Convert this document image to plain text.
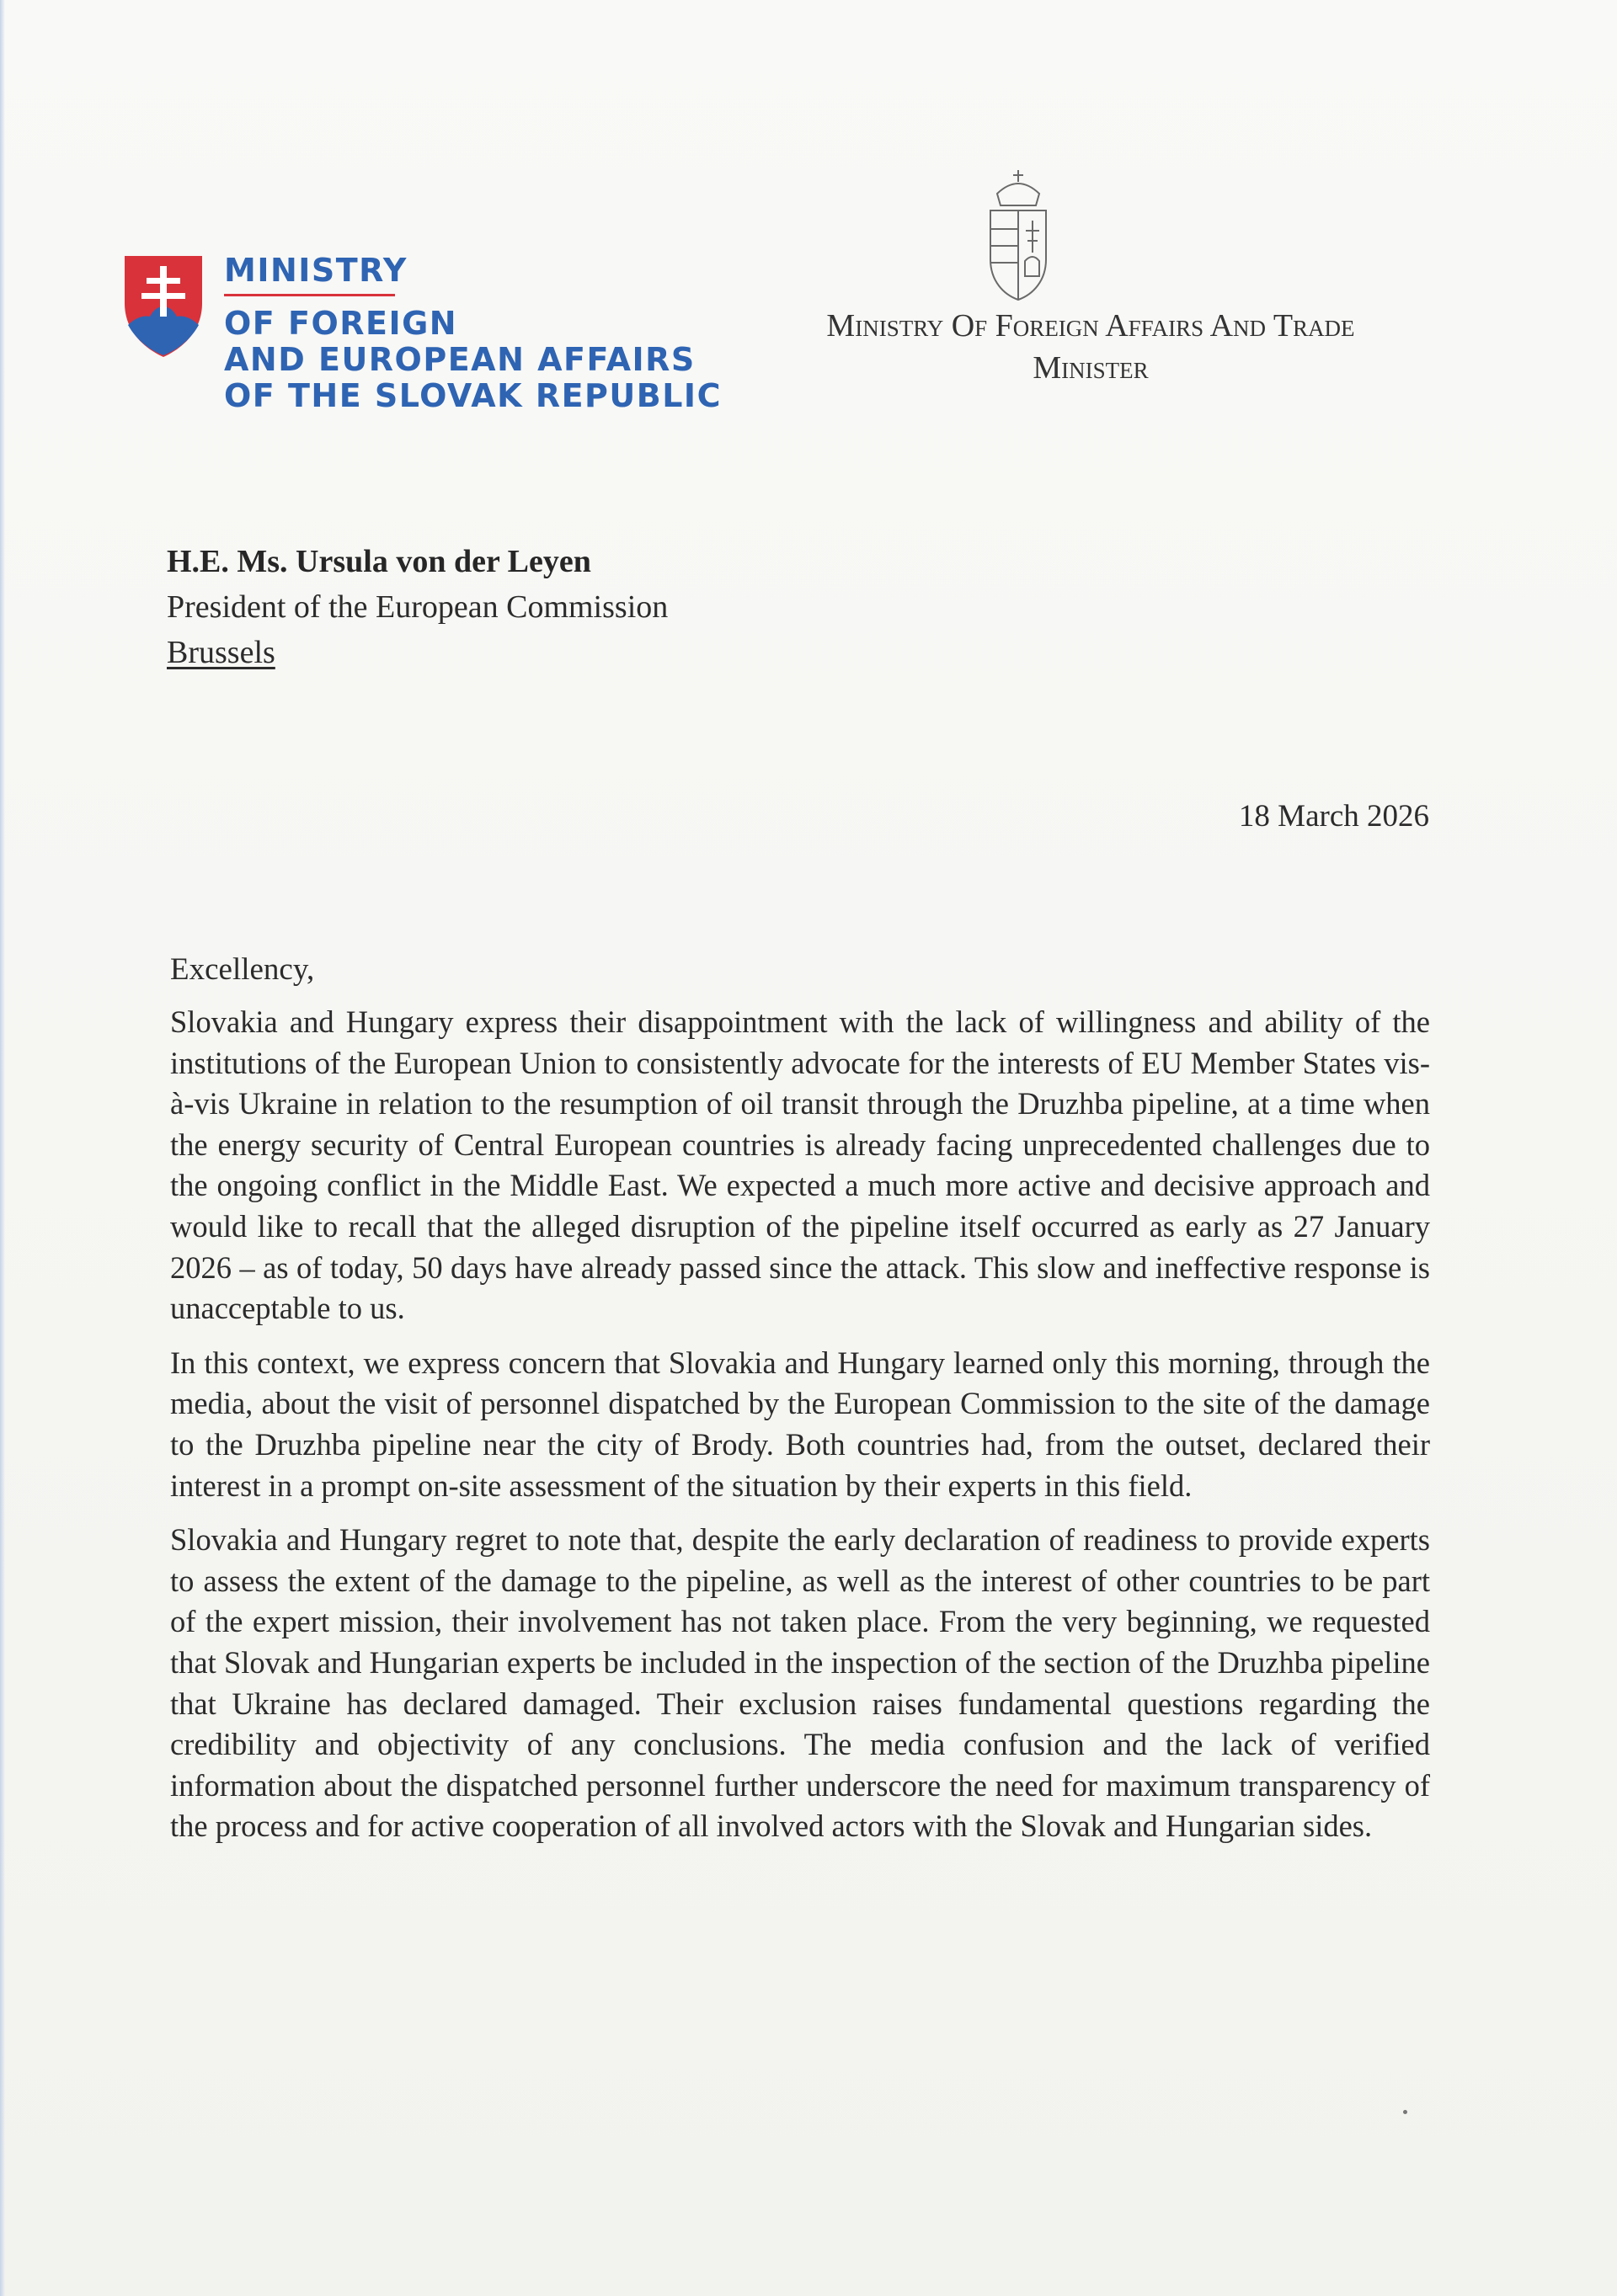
MINISTRY
OF FOREIGN
AND EUROPEAN AFFAIRS
OF THE SLOVAK REPUBLIC
Ministry Of Foreign Affairs And Trade
Minister
H.E. Ms. Ursula von der Leyen
President of the European Commission
Brussels
18 March 2026
Excellency,

Slovakia and Hungary express their disappointment with the lack of willingness and ability of the institutions of the European Union to consistently advocate for the interests of EU Member States vis-à-vis Ukraine in relation to the resumption of oil transit through the Druzhba pipeline, at a time when the energy security of Central European countries is already facing unprecedented challenges due to the ongoing conflict in the Middle East. We expected a much more active and decisive approach and would like to recall that the alleged disruption of the pipeline itself occurred as early as 27 January 2026 – as of today, 50 days have already passed since the attack. This slow and ineffective response is unacceptable to us.

In this context, we express concern that Slovakia and Hungary learned only this morning, through the media, about the visit of personnel dispatched by the European Commission to the site of the damage to the Druzhba pipeline near the city of Brody. Both countries had, from the outset, declared their interest in a prompt on-site assessment of the situation by their experts in this field.

Slovakia and Hungary regret to note that, despite the early declaration of readiness to provide experts to assess the extent of the damage to the pipeline, as well as the interest of other countries to be part of the expert mission, their involvement has not taken place. From the very beginning, we requested that Slovak and Hungarian experts be included in the inspection of the section of the Druzhba pipeline that Ukraine has declared damaged. Their exclusion raises fundamental questions regarding the credibility and objectivity of any conclusions. The media confusion and the lack of verified information about the dispatched personnel further underscore the need for maximum transparency of the process and for active cooperation of all involved actors with the Slovak and Hungarian sides.
